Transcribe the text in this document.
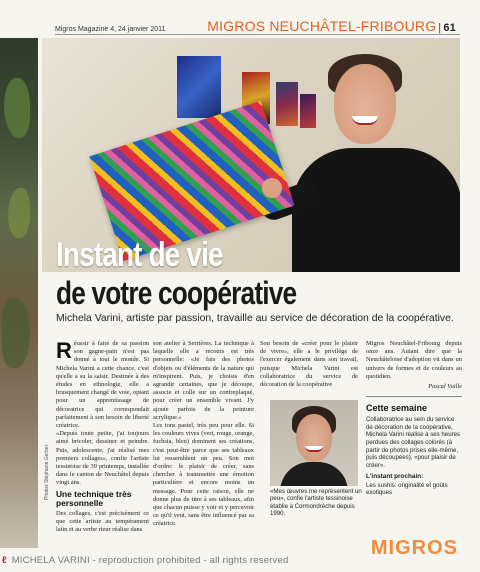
Migros Magazine 4, 24 janvier 2011	MIGROS NEUCHÂTEL-FRIBOURG | 61
Instant de vie
de votre coopérative
Michela Varini, artiste par passion, travaille au service de décoration de la coopérative.

Réussir à faire de sa passion son gagne-pain n'est pas donné à tout le monde. Si Michela Varini a cette chance, c'est qu'elle a su la saisir. Destinée à des études en ethnologie, elle a brusquement changé de voie, optant pour un apprentissage de décoratrice qui correspondait parfaitement à son besoin de liberté créatrice.

«Depuis toute petite, j'ai toujours aimé bricoler, dessiner et peindre. Puis, adolescente, j'ai réalisé mes premiers collages», confie l'artiste tessinoise de 39 printemps, installée dans le canton de Neuchâtel depuis vingt ans.

Une technique très personnelle

Des collages, c'est précisément ce que cette artiste au tempérament latin et au verbe rieur réalise dans

son atelier à Serrières. La technique à laquelle elle a recours est très personnelle: «Je fais des photos d'objets ou d'éléments de la nature qui m'inspirent. Puis, je choisis d'en agrandir certaines, que je découpe, associe et colle sur un contreplaqué, pour créer un ensemble vivant. J'y ajoute parfois de la peinture acrylique.»

Les tons pastel, très peu pour elle. Si les couleurs vives (vert, rouge, orange, fuchsia, bleu) dominent ses créations, c'est peut-être parce que ses tableaux lui ressemblent un peu. Son mot d'ordre: le plaisir de créer, sans chercher à transmettre une émotion particulière et encore moins un message. Pour cette raison, elle ne donne plus de titre à ses tableaux, afin que chacun puisse y voir et y percevoir ce qu'il veut, sans être influencé par sa créatrice.

Son besoin de «créer pour le plaisir de vivre», elle a le privilège de l'exercer également dans son travail, puisque Michela Varini est collaboratrice du service de décoration de la coopérative

«Mes œuvres me représentent un peu», confie l'artiste tessinoise établie à Cormondrèche depuis 1990.

Migros Neuchâtel-Fribourg depuis onze ans. Autant dire que la Neuchâteloise d'adoption vit dans un univers de formes et de couleurs au quotidien.

Pascal Vuille
Cette semaine
Collaboratrice au sein du service de décoration de la coopérative, Michela Varini réalise à ses heures perdues des collages colorés (à partir de photos prises elle-même, puis découpées), «pour plaisir de créer».
L'instant prochain:
Les sushis: originalité et goûts exotiques
Photos Stéphane Gerber
MIGROS
ℓ MICHELA VARINI - reproduction prohibited - all rights reserved
